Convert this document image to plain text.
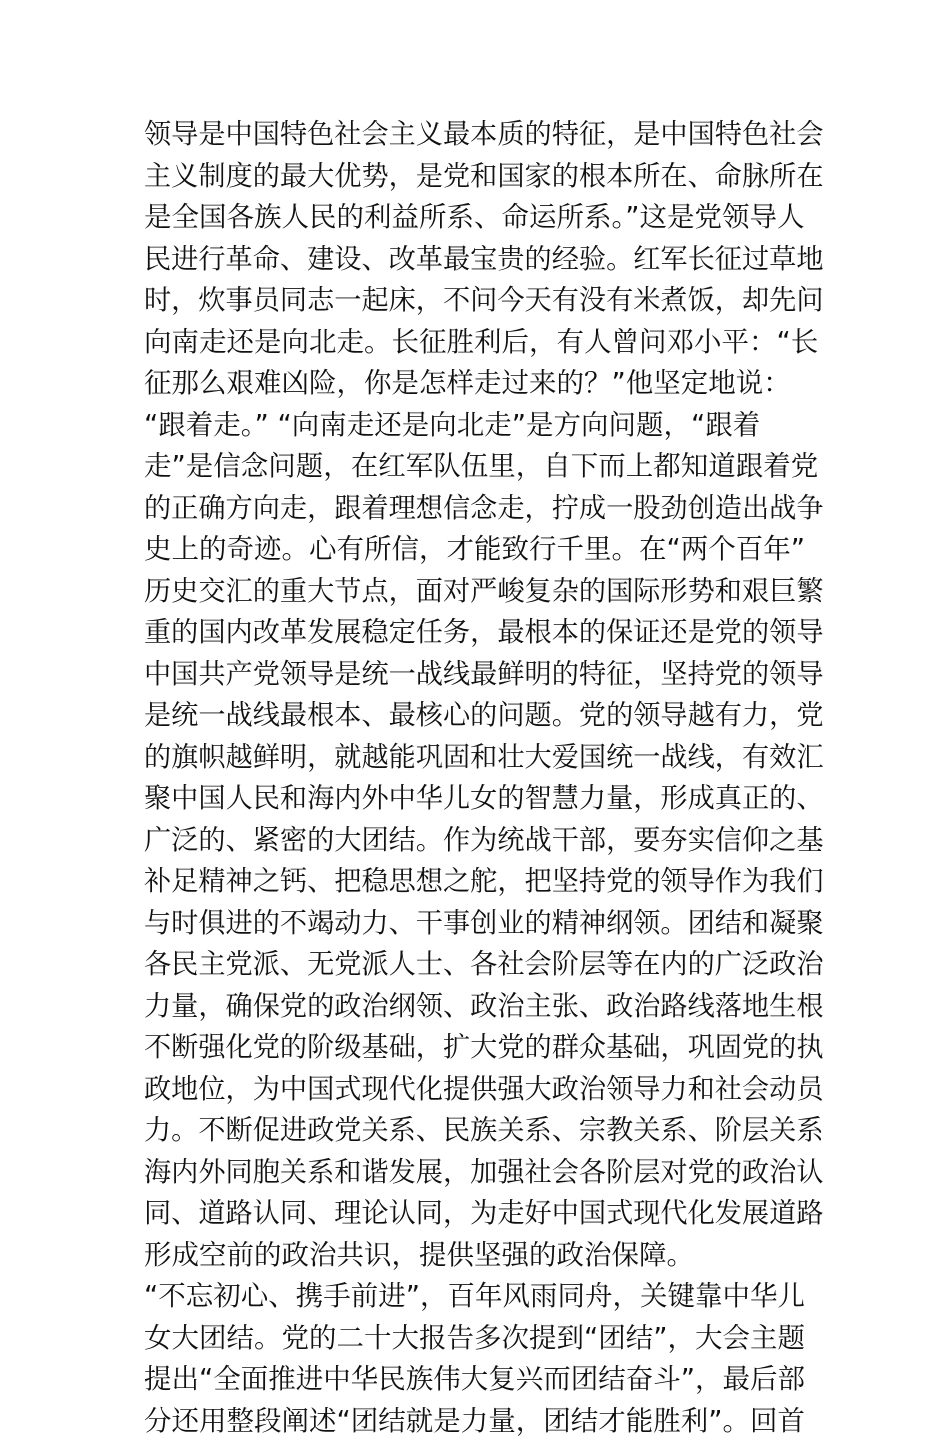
领导是中国特色社会主义最本质的特征，是中国特色社会
主义制度的最大优势，是党和国家的根本所在、命脉所在
是全国各族人民的利益所系、命运所系。”这是党领导人
民进行革命、建设、改革最宝贵的经验。红军长征过草地
时，炊事员同志一起床，不问今天有没有米煮饭，却先问
向南走还是向北走。长征胜利后，有人曾问邓小平：“长
征那么艰难凶险，你是怎样走过来的？”他坚定地说：
“跟着走。” “向南走还是向北走”是方向问题，“跟着
走”是信念问题，在红军队伍里，自下而上都知道跟着党
的正确方向走，跟着理想信念走，拧成一股劲创造出战争
史上的奇迹。心有所信，才能致行千里。在“两个百年”
历史交汇的重大节点，面对严峻复杂的国际形势和艰巨繁
重的国内改革发展稳定任务，最根本的保证还是党的领导
中国共产党领导是统一战线最鲜明的特征，坚持党的领导
是统一战线最根本、最核心的问题。党的领导越有力，党
的旗帜越鲜明，就越能巩固和壮大爱国统一战线，有效汇
聚中国人民和海内外中华儿女的智慧力量，形成真正的、
广泛的、紧密的大团结。作为统战干部，要夯实信仰之基
补足精神之钙、把稳思想之舵，把坚持党的领导作为我们
与时俱进的不竭动力、干事创业的精神纲领。团结和凝聚
各民主党派、无党派人士、各社会阶层等在内的广泛政治
力量，确保党的政治纲领、政治主张、政治路线落地生根
不断强化党的阶级基础，扩大党的群众基础，巩固党的执
政地位，为中国式现代化提供强大政治领导力和社会动员
力。不断促进政党关系、民族关系、宗教关系、阶层关系
海内外同胞关系和谐发展，加强社会各阶层对党的政治认
同、道路认同、理论认同，为走好中国式现代化发展道路
形成空前的政治共识，提供坚强的政治保障。
“不忘初心、携手前进”，百年风雨同舟，关键靠中华儿
女大团结。党的二十大报告多次提到“团结”，大会主题
提出“全面推进中华民族伟大复兴而团结奋斗”，最后部
分还用整段阐述“团结就是力量，团结才能胜利”。回首
